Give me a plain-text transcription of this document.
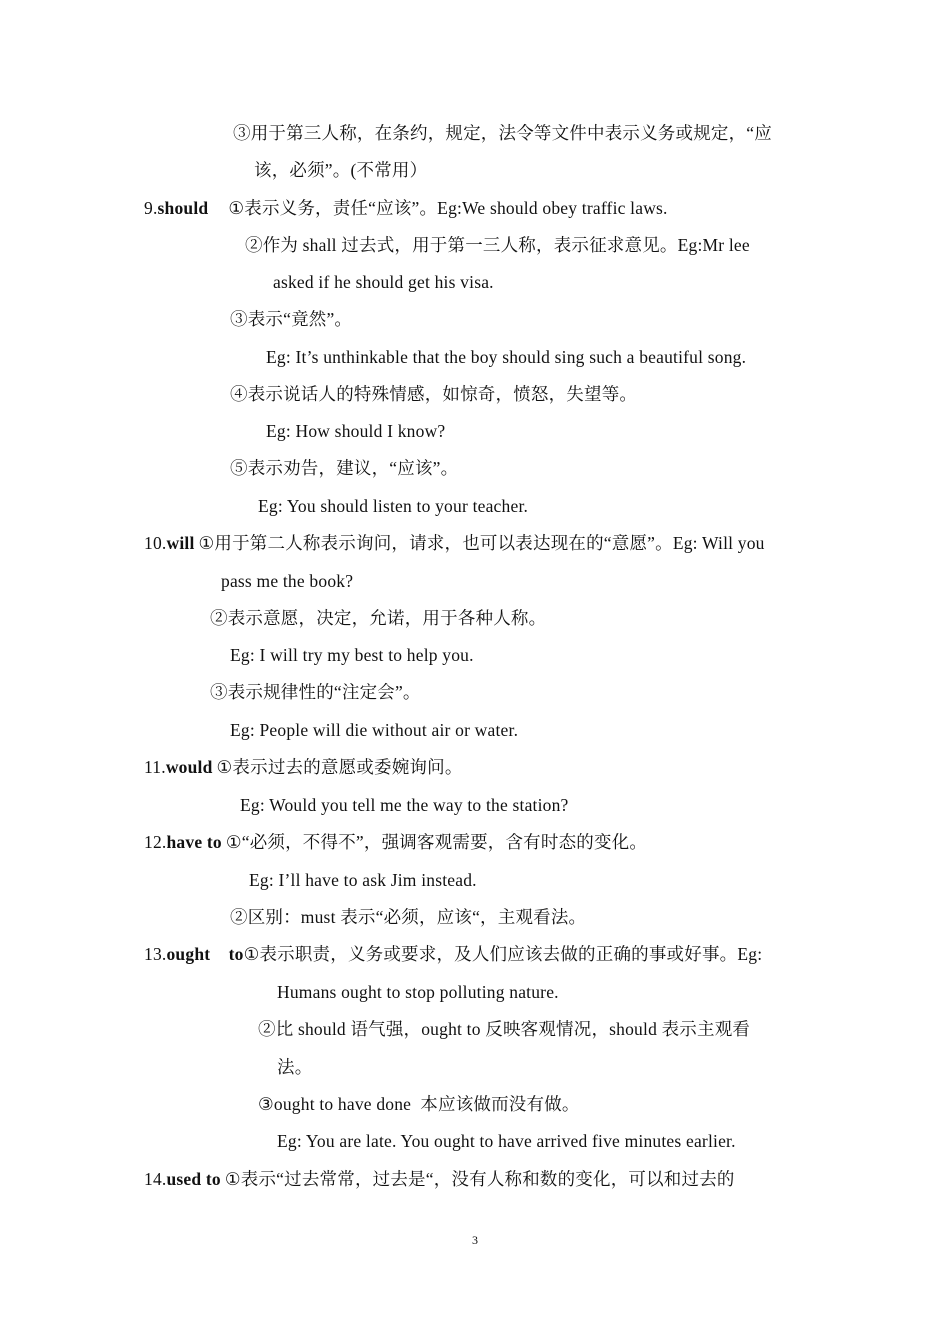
③用于第三人称，在条约，规定，法令等文件中表示义务或规定，“应
该，必须”。(不常用）
9.should ①表示义务，责任“应该”。Eg:We should obey traffic laws.
②作为 shall 过去式，用于第一三人称，表示征求意见。Eg:Mr lee
asked if he should get his visa.
③表示“竟然”。
Eg: It’s unthinkable that the boy should sing such a beautiful song.
④表示说话人的特殊情感，如惊奇，愤怒，失望等。
Eg: How should I know?
⑤表示劝告，建议，“应该”。
Eg: You should listen to your teacher.
10.will ①用于第二人称表示询问，请求，也可以表达现在的“意愿”。Eg: Will you
pass me the book?
②表示意愿，决定，允诺，用于各种人称。
Eg: I will try my best to help you.
③表示规律性的“注定会”。
Eg: People will die without air or water.
11.would ①表示过去的意愿或委婉询问。
Eg: Would you tell me the way to the station?
12.have to ①“必须，不得不”，强调客观需要，含有时态的变化。
Eg: I’ll have to ask Jim instead.
②区别：must 表示“必须，应该“，主观看法。
13.ought    to①表示职责，义务或要求，及人们应该去做的正确的事或好事。Eg:
Humans ought to stop polluting nature.
②比 should 语气强，ought to 反映客观情况，should 表示主观看
法。
③ought to have done  本应该做而没有做。
Eg: You are late. You ought to have arrived five minutes earlier.
14.used to ①表示“过去常常，过去是“，没有人称和数的变化，可以和过去的
3
